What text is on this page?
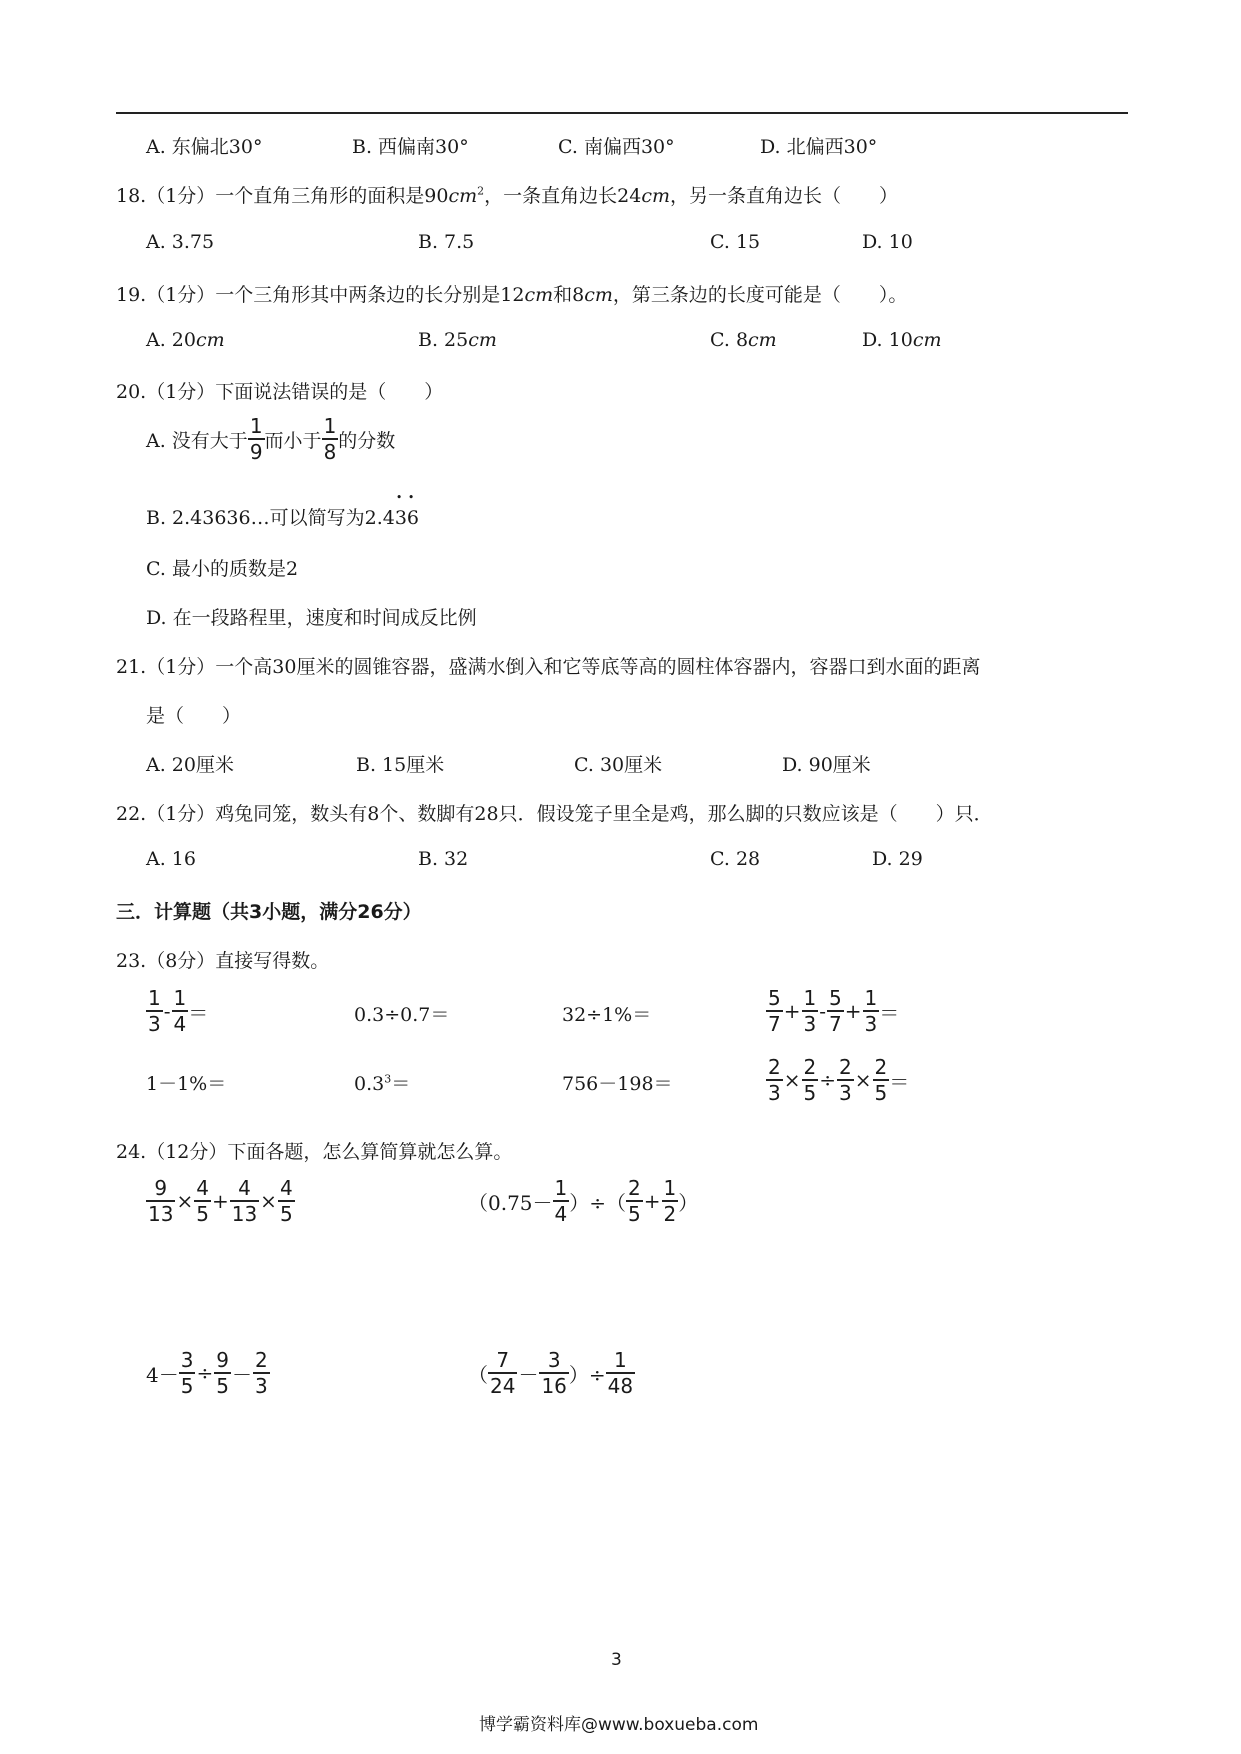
A. 东偏北30°	B. 西偏南30°	C. 南偏西30°	D. 北偏西30°
18.（1分）一个直角三角形的面积是$90cm^2$，一条直角边长24cm，另一条直角边长（　　）
A. 3.75	B. 7.5	C. 15	D. 10
19.（1分）一个三角形其中两条边的长分别是12cm和8cm，第三条边的长度可能是（　　）。
A. 20cm	B. 25cm	C. 8cm	D. 10cm
20.（1分）下面说法错误的是（　　）
A. 没有大于 $\frac{1}{9}$ 而小于 $\frac{1}{8}$ 的分数
B. 2.43636…可以简写为2.4• 3• 6
C. 最小的质数是2
D. 在一段路程里，速度和时间成反比例
21.（1分）一个高30厘米的圆锥容器，盛满水倒入和它等底等高的圆柱体容器内，容器口到水面的距离
是（　　）
A. 20厘米	B. 15厘米	C. 30厘米	D. 90厘米
22.（1分）鸡兔同笼，数头有8个、数脚有28只．假设笼子里全是鸡，那么脚的只数应该是（　　）只．
A. 16	B. 32	C. 28	D. 29
三．计算题（共3小题，满分26分）
23.（8分）直接写得数。
$\frac{1}{3} - \frac{1}{4}$ ＝	0.3÷0.7＝	32÷1%＝	$\frac{5}{7} + \frac{1}{3} - \frac{5}{7} + \frac{1}{3}$ ＝
1－1%＝	$0.3^3=$	756－198＝	$\frac{2}{3} \times \frac{2}{5} \div \frac{2}{3} \times \frac{2}{5}$ ＝
24.（12分）下面各题，怎么算简算就怎么算。
$\frac{9}{13} \times \frac{4}{5} + \frac{4}{13} \times \frac{4}{5}$	（$0.75- \frac{1}{4}$ ）÷（ $\frac{2}{5} + \frac{1}{2}$ ）
$4- \frac{3}{5} \div \frac{9}{5} - \frac{2}{3}$	（ $\frac{7}{24} - \frac{3}{16}$ ）÷ $\frac{1}{48}$
3
博学霸资料库@www.boxueba.com
